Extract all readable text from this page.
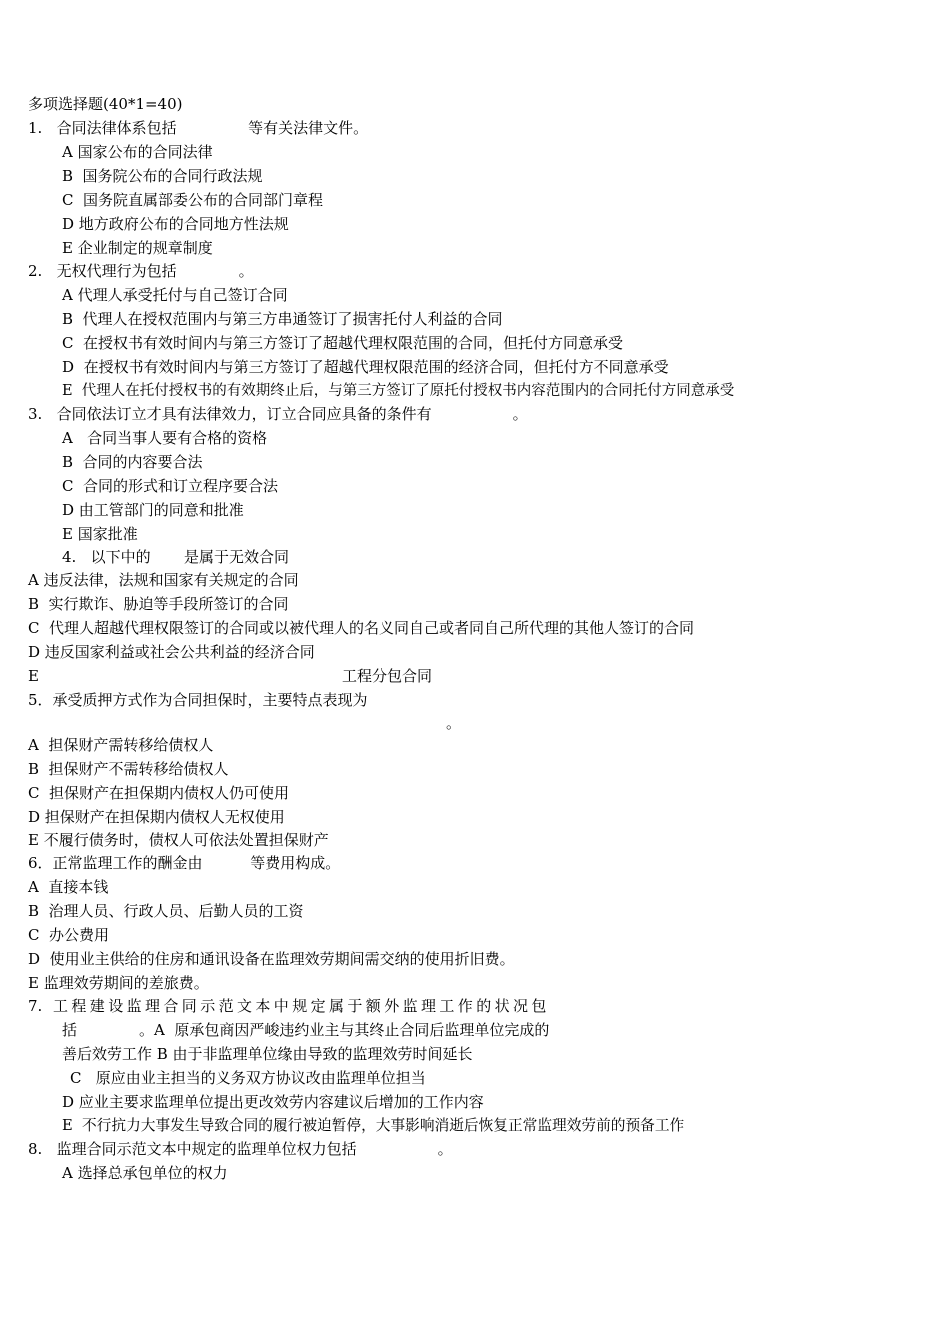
多项选择题(40*1=40)
1.   合同法律体系包括               等有关法律文件。
A 国家公布的合同法律
B  国务院公布的合同行政法规
C  国务院直属部委公布的合同部门章程
D 地方政府公布的合同地方性法规
E 企业制定的规章制度
2.   无权代理行为包括             。
A 代理人承受托付与自己签订合同
B  代理人在授权范围内与第三方串通签订了损害托付人利益的合同
C  在授权书有效时间内与第三方签订了超越代理权限范围的合同，但托付方同意承受
D  在授权书有效时间内与第三方签订了超越代理权限范围的经济合同，但托付方不同意承受
E  代理人在托付授权书的有效期终止后，与第三方签订了原托付授权书内容范围内的合同托付方同意承受
3.   合同依法订立才具有法律效力，订立合同应具备的条件有                 。
A   合同当事人要有合格的资格
B  合同的内容要合法
C  合同的形式和订立程序要合法
D 由工管部门的同意和批准
E 国家批准
4.   以下中的       是属于无效合同
A 违反法律，法规和国家有关规定的合同
B  实行欺诈、胁迫等手段所签订的合同
C  代理人超越代理权限签订的合同或以被代理人的名义同自己或者同自己所代理的其他人签订的合同
D 违反国家利益或社会公共利益的经济合同
E	工程分包合同
5．承受质押方式作为合同担保时，主要特点表现为
。
A  担保财产需转移给债权人
B  担保财产不需转移给债权人
C  担保财产在担保期内债权人仍可使用
D 担保财产在担保期内债权人无权使用
E 不履行债务时，债权人可依法处置担保财产
6．正常监理工作的酬金由          等费用构成。
A  直接本钱
B  治理人员、行政人员、后勤人员的工资
C  办公费用
D  使用业主供给的住房和通讯设备在监理效劳期间需交纳的使用折旧费。
E 监理效劳期间的差旅费。
7. 工程建设监理合同示范文本中规定属于额外监理工作的状况包
括             。A  原承包商因严峻违约业主与其终止合同后监理单位完成的
善后效劳工作 B 由于非监理单位缘由导致的监理效劳时间延长
C   原应由业主担当的义务双方协议改由监理单位担当
D 应业主要求监理单位提出更改效劳内容建议后增加的工作内容
E  不行抗力大事发生导致合同的履行被迫暂停，大事影响消逝后恢复正常监理效劳前的预备工作
8.   监理合同示范文本中规定的监理单位权力包括                 。
A 选择总承包单位的权力
